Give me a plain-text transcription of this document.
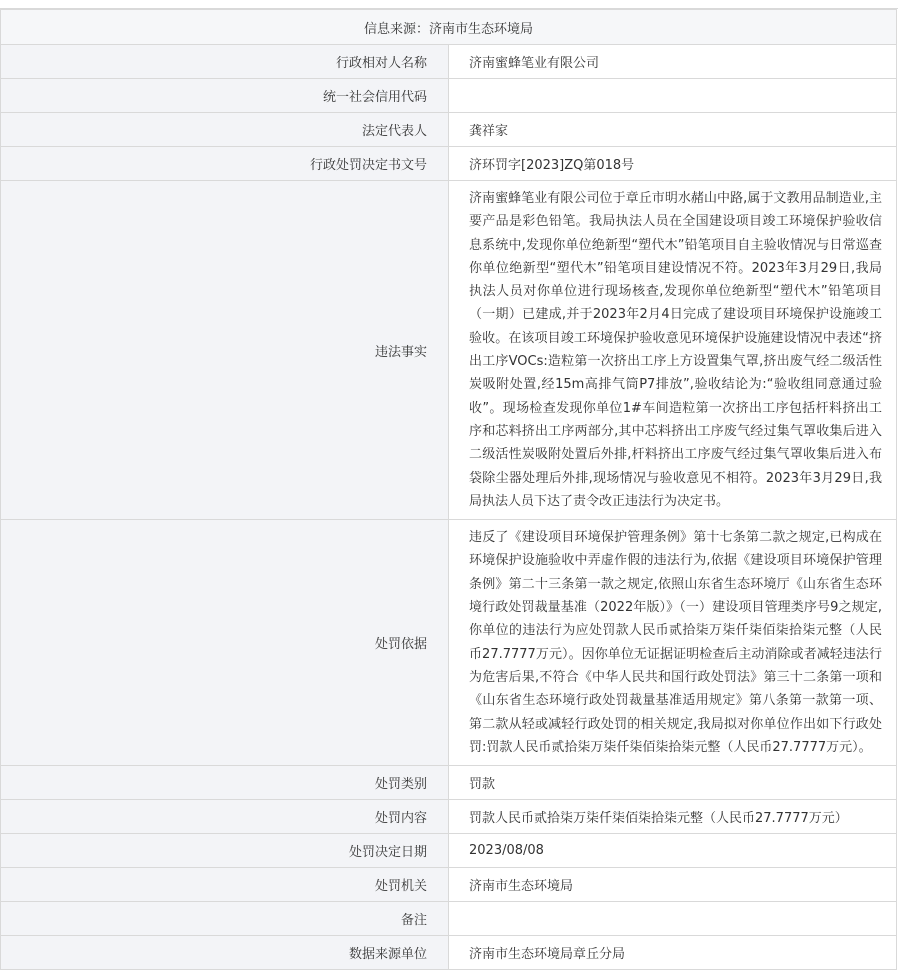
信息来源：济南市生态环境局	
行政相对人名称	济南蜜蜂笔业有限公司
统一社会信用代码	
法定代表人	龚祥家
行政处罚决定书文号	济环罚字[2023]ZQ第018号
违法事实	济南蜜蜂笔业有限公司位于章丘市明水赭山中路,属于文教用品制造业,主要产品是彩色铅笔。我局执法人员在全国建设项目竣工环境保护验收信息系统中,发现你单位绝新型“塑代木”铅笔项目自主验收情况与日常巡查你单位绝新型“塑代木”铅笔项目建设情况不符。2023年3月29日,我局执法人员对你单位进行现场核查,发现你单位绝新型“塑代木”铅笔项目（一期）已建成,并于2023年2月4日完成了建设项目环境保护设施竣工验收。在该项目竣工环境保护验收意见环境保护设施建设情况中表述“挤出工序VOCs:造粒第一次挤出工序上方设置集气罩,挤出废气经二级活性炭吸附处置,经15m高排气筒P7排放”,验收结论为:“验收组同意通过验收”。现场检查发现你单位1#车间造粒第一次挤出工序包括杆料挤出工序和芯料挤出工序两部分,其中芯料挤出工序废气经过集气罩收集后进入二级活性炭吸附处置后外排,杆料挤出工序废气经过集气罩收集后进入布袋除尘器处理后外排,现场情况与验收意见不相符。2023年3月29日,我局执法人员下达了责令改正违法行为决定书。
处罚依据	违反了《建设项目环境保护管理条例》第十七条第二款之规定,已构成在环境保护设施验收中弄虚作假的违法行为,依据《建设项目环境保护管理条例》第二十三条第一款之规定,依照山东省生态环境厅《山东省生态环境行政处罚裁量基准（2022年版）》（一）建设项目管理类序号9之规定,你单位的违法行为应处罚款人民币贰拾柒万柒仟柒佰柒拾柒元整（人民币27.7777万元）。因你单位无证据证明检查后主动消除或者减轻违法行为危害后果,不符合《中华人民共和国行政处罚法》第三十二条第一项和《山东省生态环境行政处罚裁量基准适用规定》第八条第一款第一项、第二款从轻或减轻行政处罚的相关规定,我局拟对你单位作出如下行政处罚:罚款人民币贰拾柒万柒仟柒佰柒拾柒元整（人民币27.7777万元）。
处罚类别	罚款
处罚内容	罚款人民币贰拾柒万柒仟柒佰柒拾柒元整（人民币27.7777万元）
处罚决定日期	2023/08/08
处罚机关	济南市生态环境局
备注	
数据来源单位	济南市生态环境局章丘分局
